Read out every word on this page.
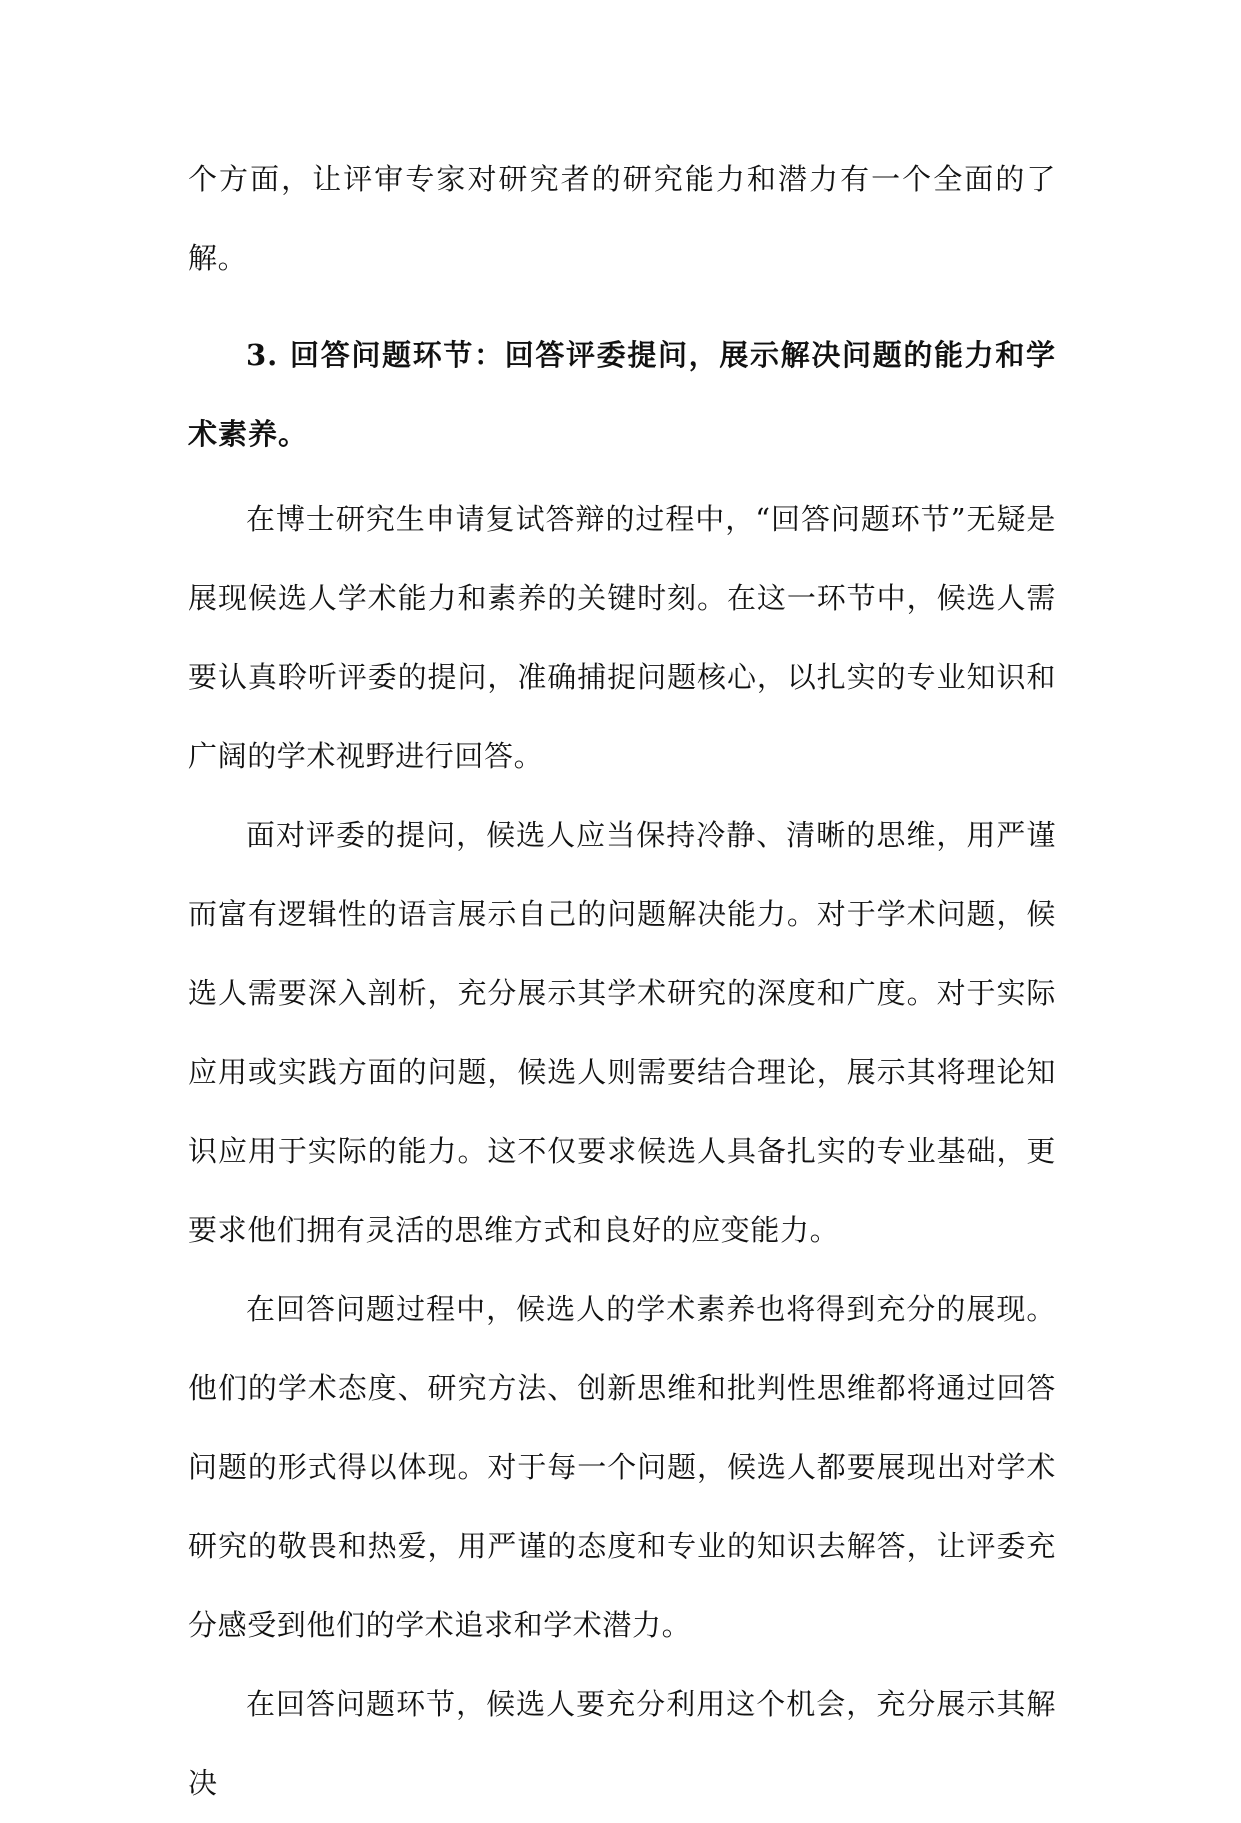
个方面，让评审专家对研究者的研究能力和潜力有一个全面的了解。

3. 回答问题环节：回答评委提问，展示解决问题的能力和学术素养。

在博士研究生申请复试答辩的过程中，“回答问题环节”无疑是展现候选人学术能力和素养的关键时刻。在这一环节中，候选人需要认真聆听评委的提问，准确捕捉问题核心，以扎实的专业知识和广阔的学术视野进行回答。

面对评委的提问，候选人应当保持冷静、清晰的思维，用严谨而富有逻辑性的语言展示自己的问题解决能力。对于学术问题，候选人需要深入剖析，充分展示其学术研究的深度和广度。对于实际应用或实践方面的问题，候选人则需要结合理论，展示其将理论知识应用于实际的能力。这不仅要求候选人具备扎实的专业基础，更要求他们拥有灵活的思维方式和良好的应变能力。

在回答问题过程中，候选人的学术素养也将得到充分的展现。他们的学术态度、研究方法、创新思维和批判性思维都将通过回答问题的形式得以体现。对于每一个问题，候选人都要展现出对学术研究的敬畏和热爱，用严谨的态度和专业的知识去解答，让评委充分感受到他们的学术追求和学术潜力。

在回答问题环节，候选人要充分利用这个机会，充分展示其解决
